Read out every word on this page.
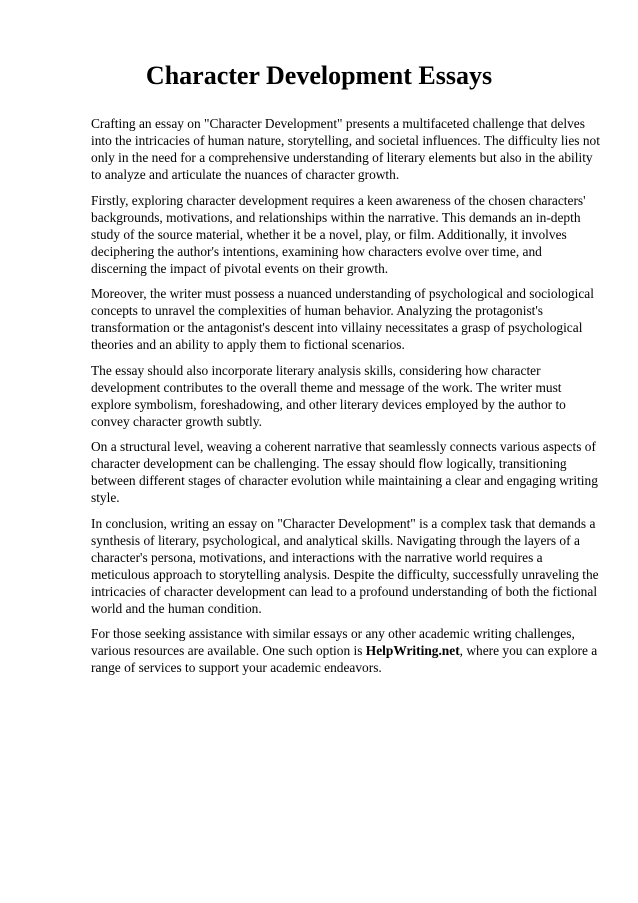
Character Development Essays

Crafting an essay on "Character Development" presents a multifaceted challenge that delves into the intricacies of human nature, storytelling, and societal influences. The difficulty lies not only in the need for a comprehensive understanding of literary elements but also in the ability to analyze and articulate the nuances of character growth.

Firstly, exploring character development requires a keen awareness of the chosen characters' backgrounds, motivations, and relationships within the narrative. This demands an in-depth study of the source material, whether it be a novel, play, or film. Additionally, it involves deciphering the author's intentions, examining how characters evolve over time, and discerning the impact of pivotal events on their growth.

Moreover, the writer must possess a nuanced understanding of psychological and sociological concepts to unravel the complexities of human behavior. Analyzing the protagonist's transformation or the antagonist's descent into villainy necessitates a grasp of psychological theories and an ability to apply them to fictional scenarios.

The essay should also incorporate literary analysis skills, considering how character development contributes to the overall theme and message of the work. The writer must explore symbolism, foreshadowing, and other literary devices employed by the author to convey character growth subtly.

On a structural level, weaving a coherent narrative that seamlessly connects various aspects of character development can be challenging. The essay should flow logically, transitioning between different stages of character evolution while maintaining a clear and engaging writing style.

In conclusion, writing an essay on "Character Development" is a complex task that demands a synthesis of literary, psychological, and analytical skills. Navigating through the layers of a character's persona, motivations, and interactions with the narrative world requires a meticulous approach to storytelling analysis. Despite the difficulty, successfully unraveling the intricacies of character development can lead to a profound understanding of both the fictional world and the human condition.

For those seeking assistance with similar essays or any other academic writing challenges, various resources are available. One such option is HelpWriting.net, where you can explore a range of services to support your academic endeavors.
